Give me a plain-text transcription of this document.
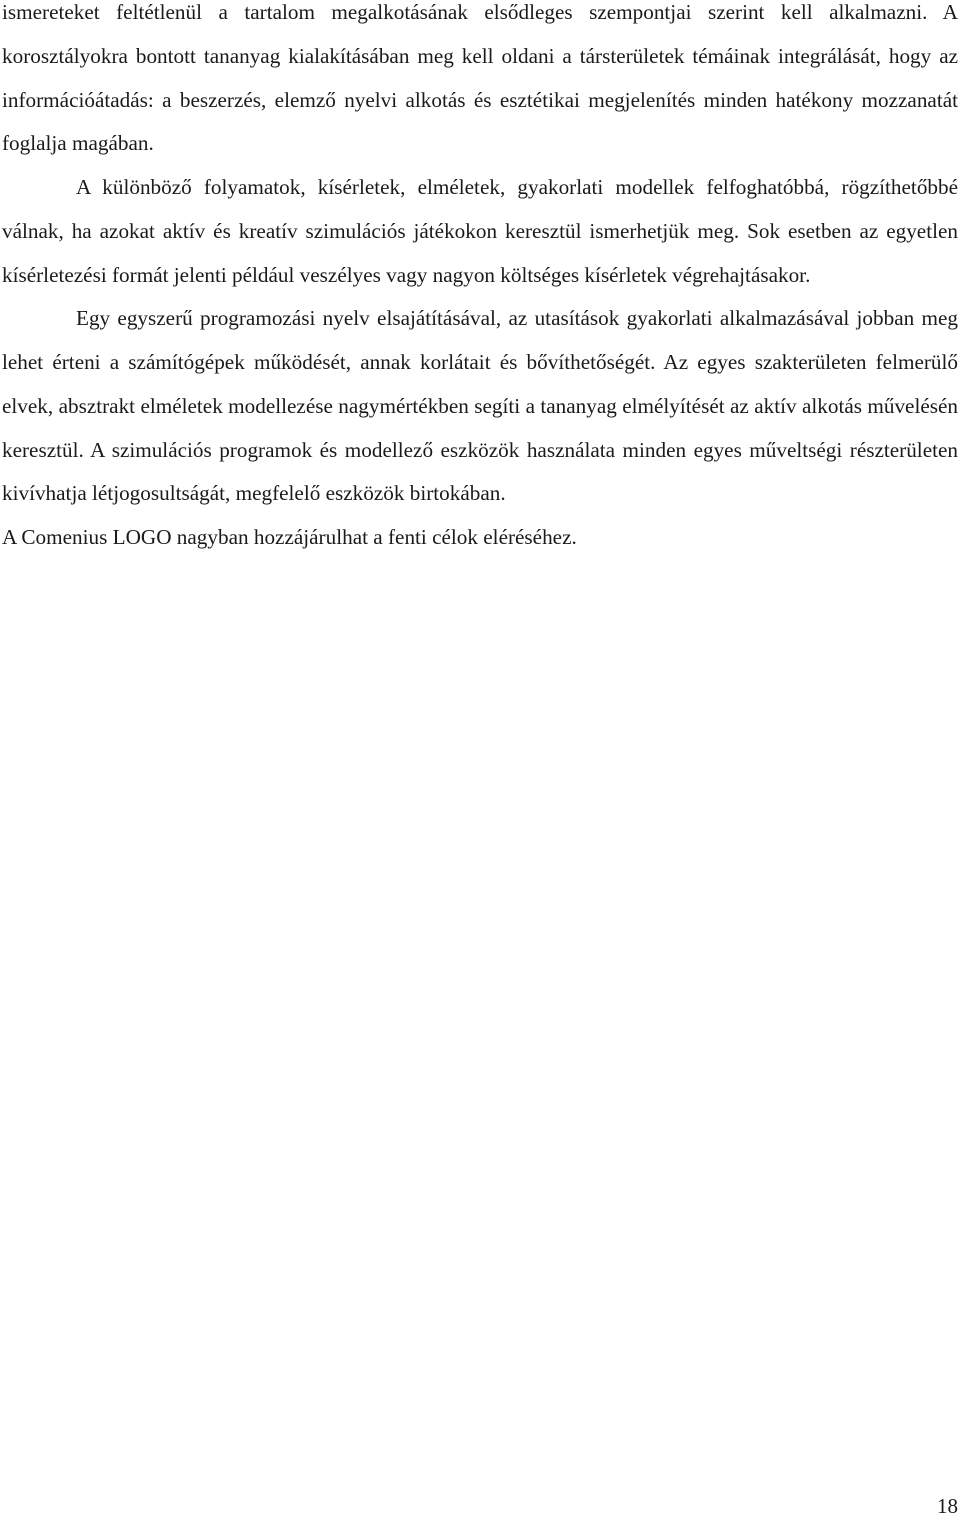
ismereteket feltétlenül a tartalom megalkotásának elsődleges szempontjai szerint kell alkalmazni. A korosztályokra bontott tananyag kialakításában meg kell oldani a társterületek témáinak integrálását, hogy az információátadás: a beszerzés, elemző nyelvi alkotás és esztétikai megjelenítés minden hatékony mozzanatát foglalja magában.

A különböző folyamatok, kísérletek, elméletek, gyakorlati modellek felfoghatóbbá, rögzíthetőbbé válnak, ha azokat aktív és kreatív szimulációs játékokon keresztül ismerhetjük meg. Sok esetben az egyetlen kísérletezési formát jelenti például veszélyes vagy nagyon költséges kísérletek végrehajtásakor.

Egy egyszerű programozási nyelv elsajátításával, az utasítások gyakorlati alkalmazásával jobban meg lehet érteni a számítógépek működését, annak korlátait és bővíthetőségét. Az egyes szakterületen felmerülő elvek, absztrakt elméletek modellezése nagymértékben segíti a tananyag elmélyítését az aktív alkotás művelésén keresztül. A szimulációs programok és modellező eszközök használata minden egyes műveltségi részterületen kivívhatja létjogosultságát, megfelelő eszközök birtokában.

A Comenius LOGO nagyban hozzájárulhat a fenti célok eléréséhez.

18
